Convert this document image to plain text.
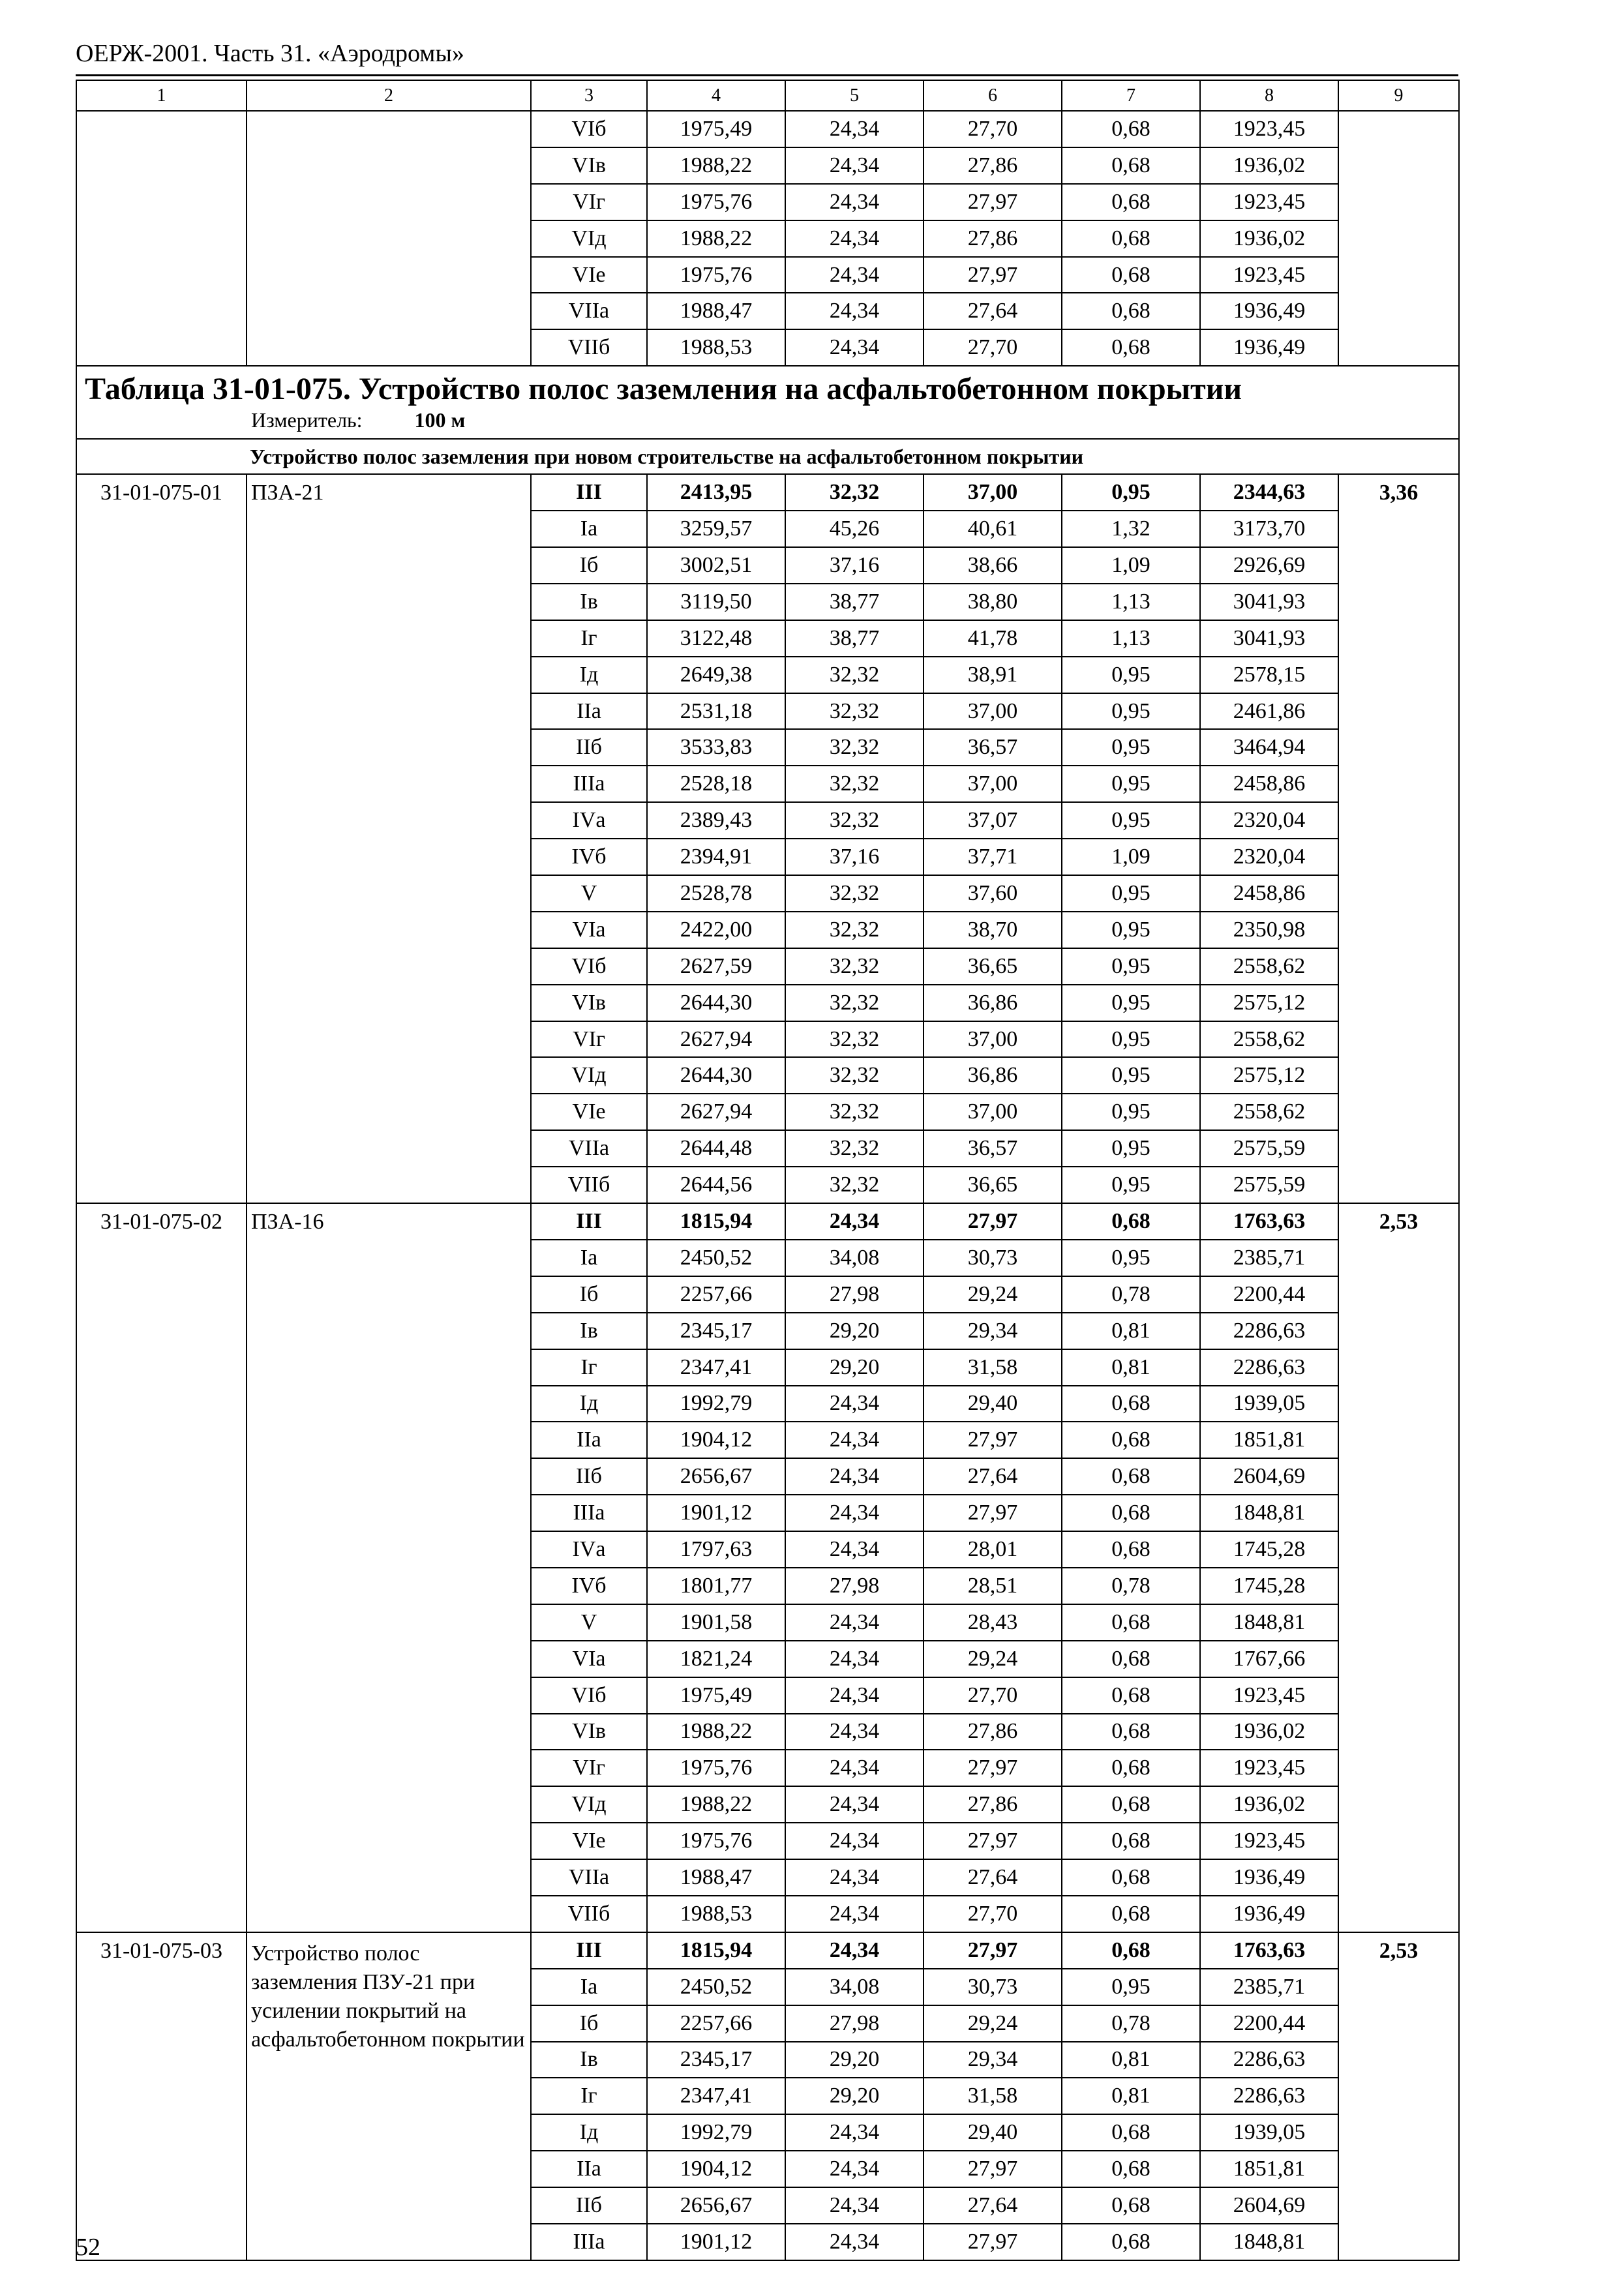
ОЕРЖ-2001. Часть 31. «Аэродромы»
1	2	3	4	5	6	7	8	9
		VIб	1975,49	24,34	27,70	0,68	1923,45	
		VIв	1988,22	24,34	27,86	0,68	1936,02	
		VIг	1975,76	24,34	27,97	0,68	1923,45	
		VIд	1988,22	24,34	27,86	0,68	1936,02	
		VIе	1975,76	24,34	27,97	0,68	1923,45	
		VIIа	1988,47	24,34	27,64	0,68	1936,49	
		VIIб	1988,53	24,34	27,70	0,68	1936,49	

Таблица 31-01-075. Устройство полос заземления на асфальтобетонном покрытии
Измеритель: 100 м								

Устройство полос заземления при новом строительстве на асфальтобетонном покрытии								
31-01-075-01	ПЗА-21	III	2413,95	32,32	37,00	0,95	2344,63	3,36
		Iа	3259,57	45,26	40,61	1,32	3173,70	
		Iб	3002,51	37,16	38,66	1,09	2926,69	
		Iв	3119,50	38,77	38,80	1,13	3041,93	
		Iг	3122,48	38,77	41,78	1,13	3041,93	
		Iд	2649,38	32,32	38,91	0,95	2578,15	
		IIа	2531,18	32,32	37,00	0,95	2461,86	
		IIб	3533,83	32,32	36,57	0,95	3464,94	
		IIIа	2528,18	32,32	37,00	0,95	2458,86	
		IVа	2389,43	32,32	37,07	0,95	2320,04	
		IVб	2394,91	37,16	37,71	1,09	2320,04	
		V	2528,78	32,32	37,60	0,95	2458,86	
		VIа	2422,00	32,32	38,70	0,95	2350,98	
		VIб	2627,59	32,32	36,65	0,95	2558,62	
		VIв	2644,30	32,32	36,86	0,95	2575,12	
		VIг	2627,94	32,32	37,00	0,95	2558,62	
		VIд	2644,30	32,32	36,86	0,95	2575,12	
		VIе	2627,94	32,32	37,00	0,95	2558,62	
		VIIа	2644,48	32,32	36,57	0,95	2575,59	
		VIIб	2644,56	32,32	36,65	0,95	2575,59	
31-01-075-02	ПЗА-16	III	1815,94	24,34	27,97	0,68	1763,63	2,53
		Iа	2450,52	34,08	30,73	0,95	2385,71	
		Iб	2257,66	27,98	29,24	0,78	2200,44	
		Iв	2345,17	29,20	29,34	0,81	2286,63	
		Iг	2347,41	29,20	31,58	0,81	2286,63	
		Iд	1992,79	24,34	29,40	0,68	1939,05	
		IIа	1904,12	24,34	27,97	0,68	1851,81	
		IIб	2656,67	24,34	27,64	0,68	2604,69	
		IIIа	1901,12	24,34	27,97	0,68	1848,81	
		IVа	1797,63	24,34	28,01	0,68	1745,28	
		IVб	1801,77	27,98	28,51	0,78	1745,28	
		V	1901,58	24,34	28,43	0,68	1848,81	
		VIа	1821,24	24,34	29,24	0,68	1767,66	
		VIб	1975,49	24,34	27,70	0,68	1923,45	
		VIв	1988,22	24,34	27,86	0,68	1936,02	
		VIг	1975,76	24,34	27,97	0,68	1923,45	
		VIд	1988,22	24,34	27,86	0,68	1936,02	
		VIе	1975,76	24,34	27,97	0,68	1923,45	
		VIIа	1988,47	24,34	27,64	0,68	1936,49	
		VIIб	1988,53	24,34	27,70	0,68	1936,49	
31-01-075-03	Устройство полос заземления ПЗУ-21 при усилении покрытий на асфальтобетонном покрытии	III	1815,94	24,34	27,97	0,68	1763,63	2,53
		Iа	2450,52	34,08	30,73	0,95	2385,71	
		Iб	2257,66	27,98	29,24	0,78	2200,44	
		Iв	2345,17	29,20	29,34	0,81	2286,63	
		Iг	2347,41	29,20	31,58	0,81	2286,63	
		Iд	1992,79	24,34	29,40	0,68	1939,05	
		IIа	1904,12	24,34	27,97	0,68	1851,81	
		IIб	2656,67	24,34	27,64	0,68	2604,69	
		IIIа	1901,12	24,34	27,97	0,68	1848,81	
52
